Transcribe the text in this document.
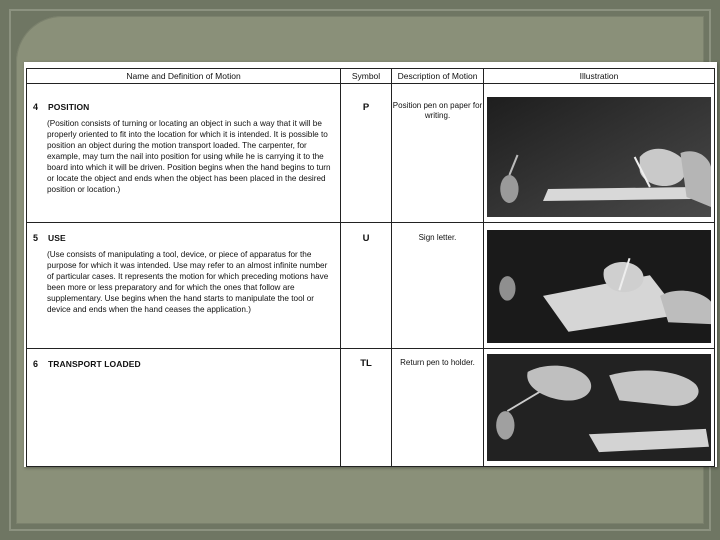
Name and Definition of Motion	Symbol	Description of Motion	Illustration

4 POSITION

(Position consists of turning or locating an object in such a way that it will be properly oriented to fit into the location for which it is intended. It is possible to position an object during the motion transport loaded. The carpenter, for example, may turn the nail into position for using while he is carrying it to the board into which it will be driven. Position begins when the hand begins to turn or locate the object and ends when the object has been placed in the desired position or location.)	P	Position pen on paper for writing.	

5 USE

(Use consists of manipulating a tool, device, or piece of apparatus for the purpose for which it was intended. Use may refer to an almost infinite number of particular cases. It represents the motion for which preceding motions have been more or less preparatory and for which the ones that follow are supplementary. Use begins when the hand starts to manipulate the tool or device and ends when the hand ceases the application.)	U	Sign letter.	

6 TRANSPORT LOADED	TL	Return pen to holder.	
